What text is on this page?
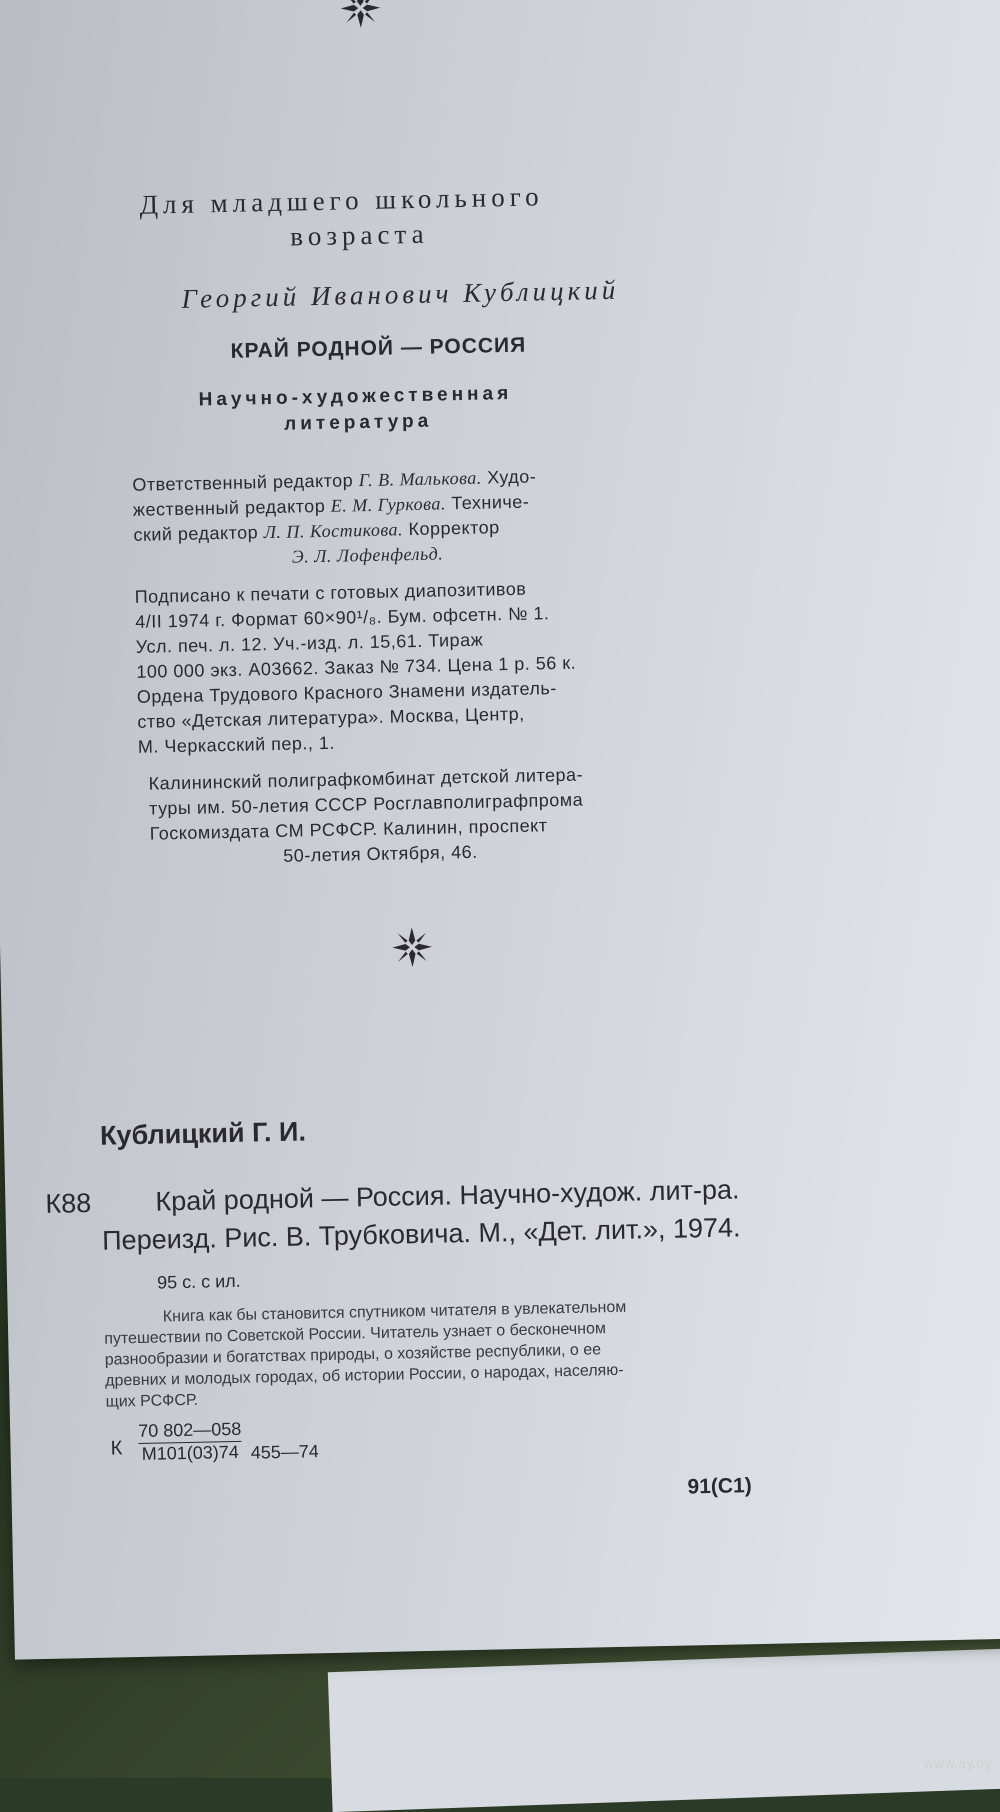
Для младшего школьного
возраста
Георгий Иванович Кублицкий
КРАЙ РОДНОЙ — РОССИЯ
Научно-художественная
литература
Ответственный редактор Г. В. Малькова. Худо-
жественный редактор Е. М. Гуркова. Техниче-
ский редактор Л. П. Костикова. Корректор
Э. Л. Лофенфельд.
Подписано к печати с готовых диапозитивов
4/II 1974 г. Формат 60×90¹/₈. Бум. офсетн. № 1.
Усл. печ. л. 12. Уч.-изд. л. 15,61. Тираж
100 000 экз. А03662. Заказ № 734. Цена 1 р. 56 к.
Ордена Трудового Красного Знамени издатель-
ство «Детская литература». Москва, Центр,
М. Черкасский пер., 1.
Калининский полиграфкомбинат детской литера-
туры им. 50-летия СССР Росглавполиграфпрома
Госкомиздата СМ РСФСР. Калинин, проспект
50-летия Октября, 46.
Кублицкий Г. И.
К88 Край родной — Россия. Научно-худож. лит-ра.
Переизд. Рис. В. Трубковича. М., «Дет. лит.», 1974.
95 с. с ил.
Книга как бы становится спутником читателя в увлекательном
путешествии по Советской России. Читатель узнает о бесконечном
разнообразии и богатствах природы, о хозяйстве республики, о ее
древних и молодых городах, об истории России, о народах, населяю-
щих РСФСР.
К
70 802—058
М101(03)74 455—74
91(С1)
www.ay.by
